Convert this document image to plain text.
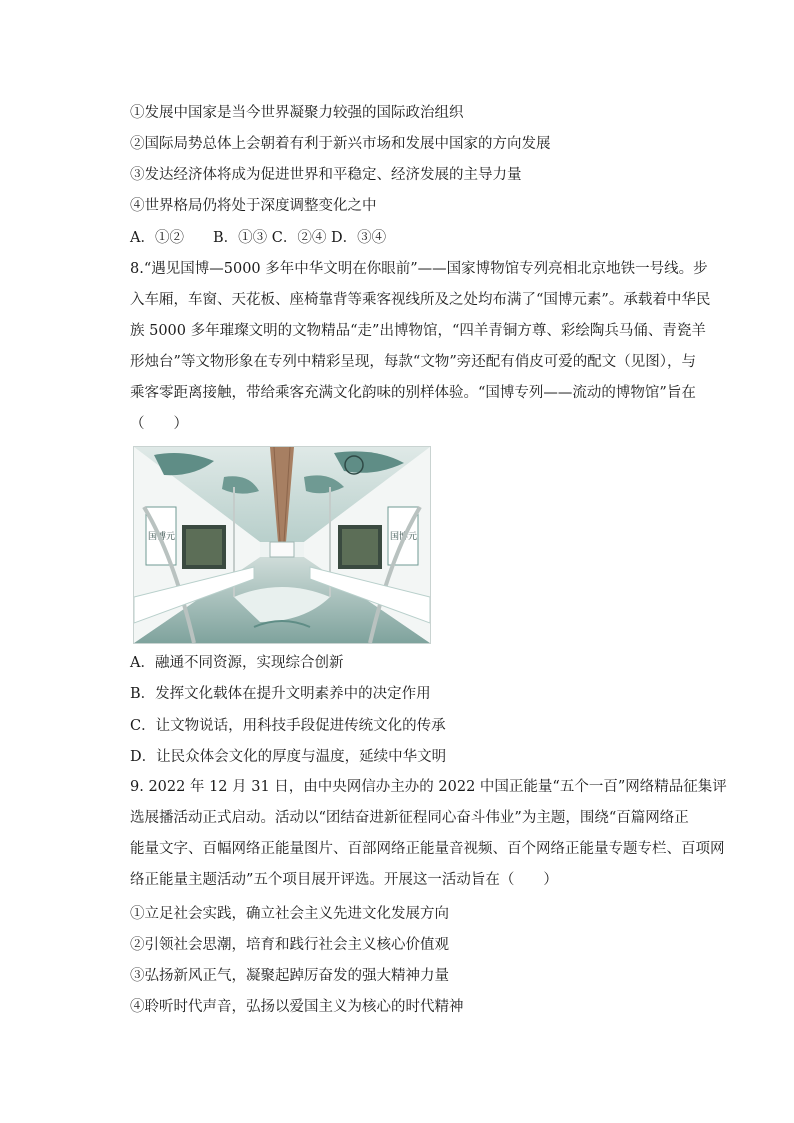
①发展中国家是当今世界凝聚力较强的国际政治组织
②国际局势总体上会朝着有利于新兴市场和发展中国家的方向发展
③发达经济体将成为促进世界和平稳定、经济发展的主导力量
④世界格局仍将处于深度调整变化之中
A．①②　　B．①③ C．②④ D．③④
8.“遇见国博—5000 多年中华文明在你眼前”——国家博物馆专列亮相北京地铁一号线。步
入车厢，车窗、天花板、座椅靠背等乘客视线所及之处均布满了“国博元素”。承载着中华民
族 5000 多年璀璨文明的文物精品“走”出博物馆，“四羊青铜方尊、彩绘陶兵马俑、青瓷羊
形烛台”等文物形象在专列中精彩呈现，每款“文物”旁还配有俏皮可爱的配文（见图），与
乘客零距离接触，带给乘客充满文化韵味的别样体验。“国博专列——流动的博物馆”旨在
（　　）
国博元	国博元
A．融通不同资源，实现综合创新
B．发挥文化载体在提升文明素养中的决定作用
C．让文物说话，用科技手段促进传统文化的传承
D．让民众体会文化的厚度与温度，延续中华文明
9. 2022 年 12 月 31 日，由中央网信办主办的 2022 中国正能量“五个一百”网络精品征集评
选展播活动正式启动。活动以“团结奋进新征程同心奋斗伟业”为主题，围绕“百篇网络正
能量文字、百幅网络正能量图片、百部网络正能量音视频、百个网络正能量专题专栏、百项网
络正能量主题活动”五个项目展开评选。开展这一活动旨在（　　）
①立足社会实践，确立社会主义先进文化发展方向
②引领社会思潮，培育和践行社会主义核心价值观
③弘扬新风正气，凝聚起踔厉奋发的强大精神力量
④聆听时代声音，弘扬以爱国主义为核心的时代精神
